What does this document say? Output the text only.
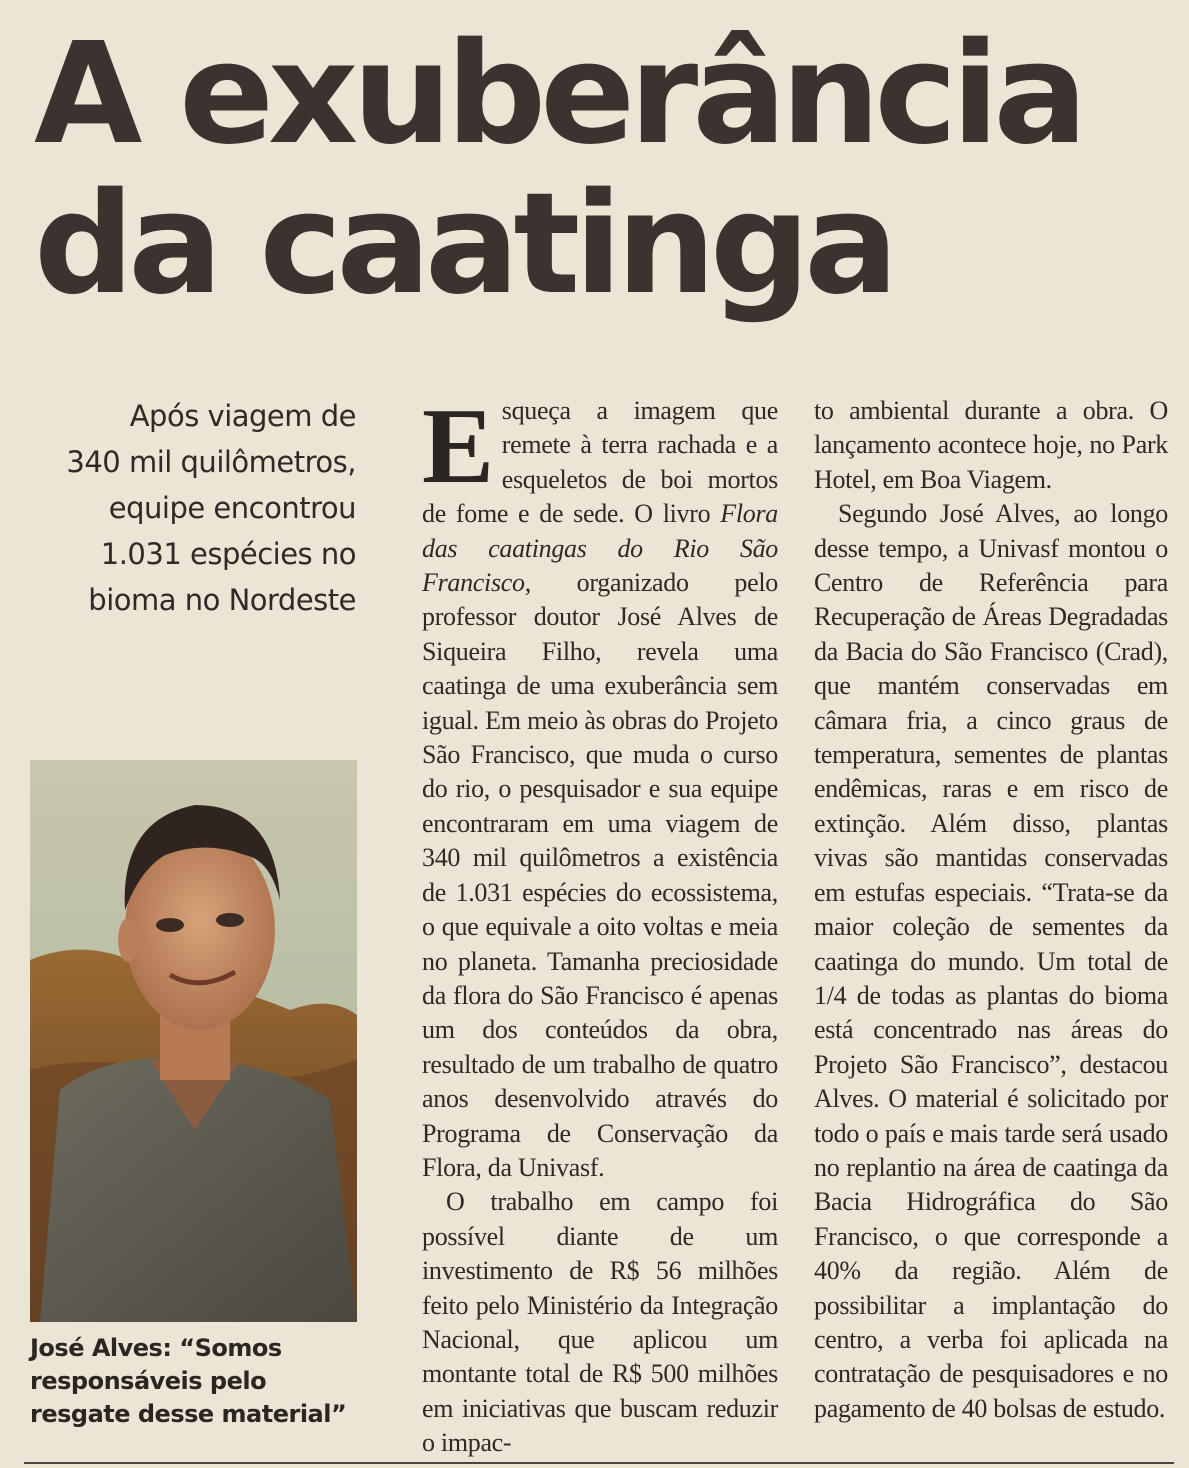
A exuberância
da caatinga

Após viagem de
340 mil quilômetros,
equipe encontrou
1.031 espécies no
bioma no Nordeste

José Alves: “Somos responsáveis pelo resgate desse material”

Esqueça a imagem que remete à terra rachada e a esqueletos de boi mortos de fome e de sede. O livro Flora das caatingas do Rio São Francisco, organizado pelo professor doutor José Alves de Siqueira Filho, revela uma caatinga de uma exuberância sem igual. Em meio às obras do Projeto São Francisco, que muda o curso do rio, o pesquisador e sua equipe encontraram em uma viagem de 340 mil quilômetros a existência de 1.031 espécies do ecossistema, o que equivale a oito voltas e meia no planeta. Tamanha preciosidade da flora do São Francisco é apenas um dos conteúdos da obra, resultado de um trabalho de quatro anos desenvolvido através do Programa de Conservação da Flora, da Univasf.

O trabalho em campo foi possível diante de um investimento de R$ 56 milhões feito pelo Ministério da Integração Nacional, que aplicou um montante total de R$ 500 milhões em iniciativas que buscam reduzir o impac-

to ambiental durante a obra. O lançamento acontece hoje, no Park Hotel, em Boa Viagem.

Segundo José Alves, ao longo desse tempo, a Univasf montou o Centro de Referência para Recuperação de Áreas Degradadas da Bacia do São Francisco (Crad), que mantém conservadas em câmara fria, a cinco graus de temperatura, sementes de plantas endêmicas, raras e em risco de extinção. Além disso, plantas vivas são mantidas conservadas em estufas especiais. “Trata-se da maior coleção de sementes da caatinga do mundo. Um total de 1/4 de todas as plantas do bioma está concentrado nas áreas do Projeto São Francisco”, destacou Alves. O material é solicitado por todo o país e mais tarde será usado no replantio na área de caatinga da Bacia Hidrográfica do São Francisco, o que corresponde a 40% da região. Além de possibilitar a implantação do centro, a verba foi aplicada na contratação de pesquisadores e no pagamento de 40 bolsas de estudo.
